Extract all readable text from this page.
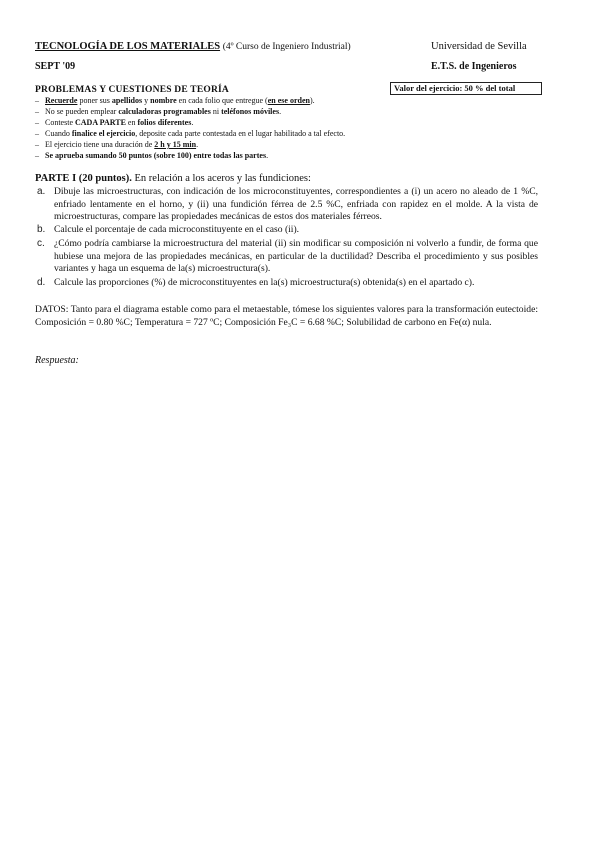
TECNOLOGÍA DE LOS MATERIALES (4º Curso de Ingeniero Industrial)	Universidad de Sevilla
SEPT '09	E.T.S. de Ingenieros
PROBLEMAS Y CUESTIONES DE TEORÍA	Valor del ejercicio: 50 % del total
– Recuerde poner sus apellidos y nombre en cada folio que entregue (en ese orden).
– No se pueden emplear calculadoras programables ni teléfonos móviles.
– Conteste CADA PARTE en folios diferentes.
– Cuando finalice el ejercicio, deposite cada parte contestada en el lugar habilitado a tal efecto.
– El ejercicio tiene una duración de 2 h y 15 min.
– Se aprueba sumando 50 puntos (sobre 100) entre todas las partes.
PARTE I (20 puntos). En relación a los aceros y las fundiciones:
a. Dibuje las microestructuras, con indicación de los microconstituyentes, correspondientes a (i) un acero no aleado de 1 %C, enfriado lentamente en el horno, y (ii) una fundición férrea de 2.5 %C, enfriada con rapidez en el molde. A la vista de microestructuras, compare las propiedades mecánicas de estos dos materiales férreos.
b. Calcule el porcentaje de cada microconstituyente en el caso (ii).
c. ¿Cómo podría cambiarse la microestructura del material (ii) sin modificar su composición ni volverlo a fundir, de forma que hubiese una mejora de las propiedades mecánicas, en particular de la ductilidad? Describa el procedimiento y sus posibles variantes y haga un esquema de la(s) microestructura(s).
d. Calcule las proporciones (%) de microconstituyentes en la(s) microestructura(s) obtenida(s) en el apartado c).
DATOS: Tanto para el diagrama estable como para el metaestable, tómese los siguientes valores para la transformación eutectoide: Composición = 0.80 %C; Temperatura = 727 ºC; Composición Fe₃C = 6.68 %C; Solubilidad de carbono en Fe(α) nula.
Respuesta:
